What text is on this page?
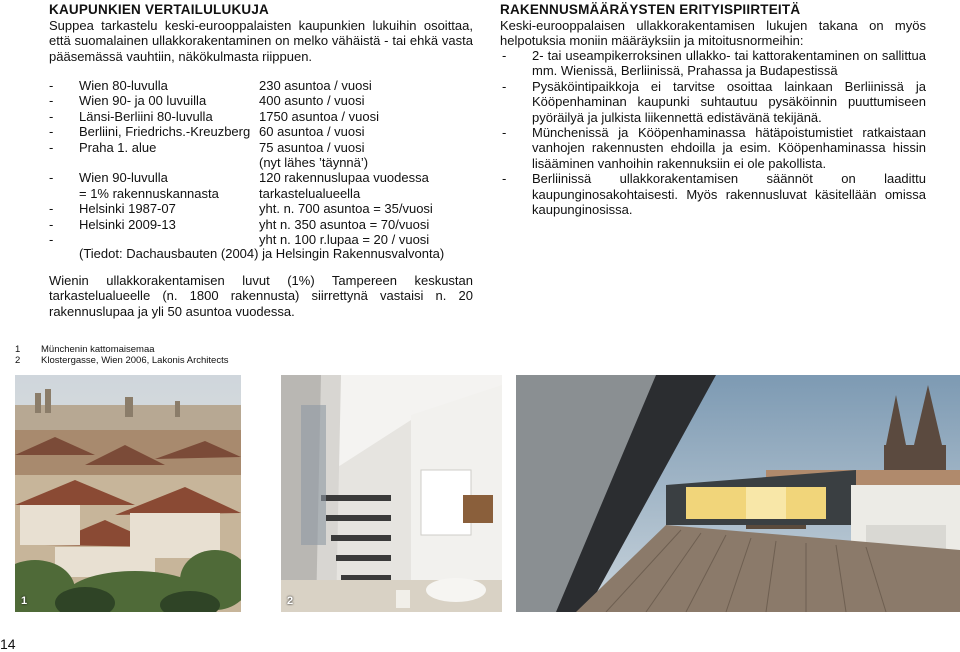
KAUPUNKIEN VERTAILULUKUJA
Suppea tarkastelu keski-eurooppalaisten kaupunkien lukuihin osoittaa, että suomalainen ullakkorakentaminen on melko vähäistä - tai ehkä vasta pääsemässä vauhtiin, näkökulmasta riippuen.
- Wien 80-luvulla	230 asuntoa / vuosi
- Wien 90- ja 00 luvuilla	400 asunto / vuosi
- Länsi-Berliini 80-luvulla	1750 asuntoa / vuosi
- Berliini, Friedrichs.-Kreuzberg 60 asuntoa / vuosi
- Praha 1. alue	75 asuntoa / vuosi
(nyt lähes ’täynnä’)
- Wien 90-luvulla	120 rakennuslupaa vuodessa
= 1% rakennuskannasta	tarkastelualueella
- Helsinki 1987-07	yht. n. 700 asuntoa = 35/vuosi
- Helsinki 2009-13	yht n. 350 asuntoa = 70/vuosi
-	yht n. 100 r.lupaa = 20 / vuosi
(Tiedot: Dachausbauten (2004) ja Helsingin Rakennusvalvonta)
Wienin ullakkorakentamisen luvut (1%) Tampereen keskustan tarkastelualueelle (n. 1800 rakennusta) siirrettynä vastaisi n. 20 rakennuslupaa ja yli 50 asuntoa vuodessa.
1 Münchenin kattomaisemaa
2 Klostergasse, Wien 2006, Lakonis Architects
RAKENNUSMÄÄRÄYSTEN ERITYISPIIRTEITÄ
Keski-eurooppalaisen ullakkorakentamisen lukujen takana on myös helpotuksia moniin määräyksiin ja mitoitusnormeihin:
- 2- tai useampikerroksinen ullakko- tai kattorakentaminen on sallittua mm. Wienissä, Berliinissä, Prahassa ja Budapestissä
- Pysäköintipaikkoja ei tarvitse osoittaa lainkaan Berliinissä ja Kööpenhaminan kaupunki suhtautuu pysäköinnin puuttumiseen pyöräilyä ja julkista liikennettä edistävänä tekijänä.
- Münchenissä ja Kööpenhaminassa hätäpoistumistiet ratkaistaan vanhojen rakennusten ehdoilla ja esim. Kööpenhaminassa hissin lisääminen vanhoihin rakennuksiin ei ole pakollista.
- Berliinissä ullakkorakentamisen säännöt on laadittu kaupunginosakohtaisesti. Myös rakennusluvat käsitellään omissa kaupunginosissa.
1	2
14
